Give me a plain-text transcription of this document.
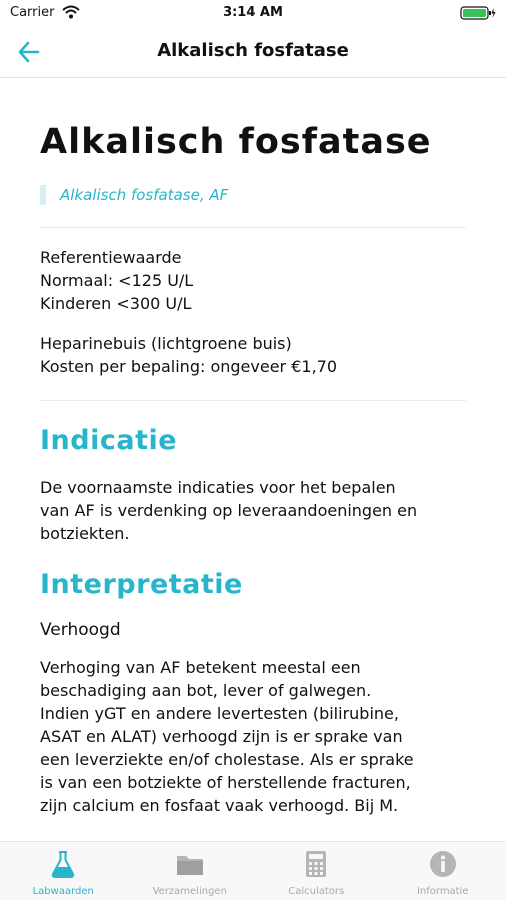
Carrier	3:14 AM
Alkalisch fosfatase
Alkalisch fosfatase
Alkalisch fosfatase, AF
Referentiewaarde
Normaal: <125 U/L
Kinderen <300 U/L
Heparinebuis (lichtgroene buis)
Kosten per bepaling: ongeveer €1,70
Indicatie
De voornaamste indicaties voor het bepalen
van AF is verdenking op leveraandoeningen en
botziekten.
Interpretatie
Verhoogd
Verhoging van AF betekent meestal een
beschadiging aan bot, lever of galwegen.
Indien yGT en andere levertesten (bilirubine,
ASAT en ALAT) verhoogd zijn is er sprake van
een leverziekte en/of cholestase. Als er sprake
is van een botziekte of herstellende fracturen,
zijn calcium en fosfaat vaak verhoogd. Bij M.
Labwaarden	Verzamelingen	Calculators	Informatie
